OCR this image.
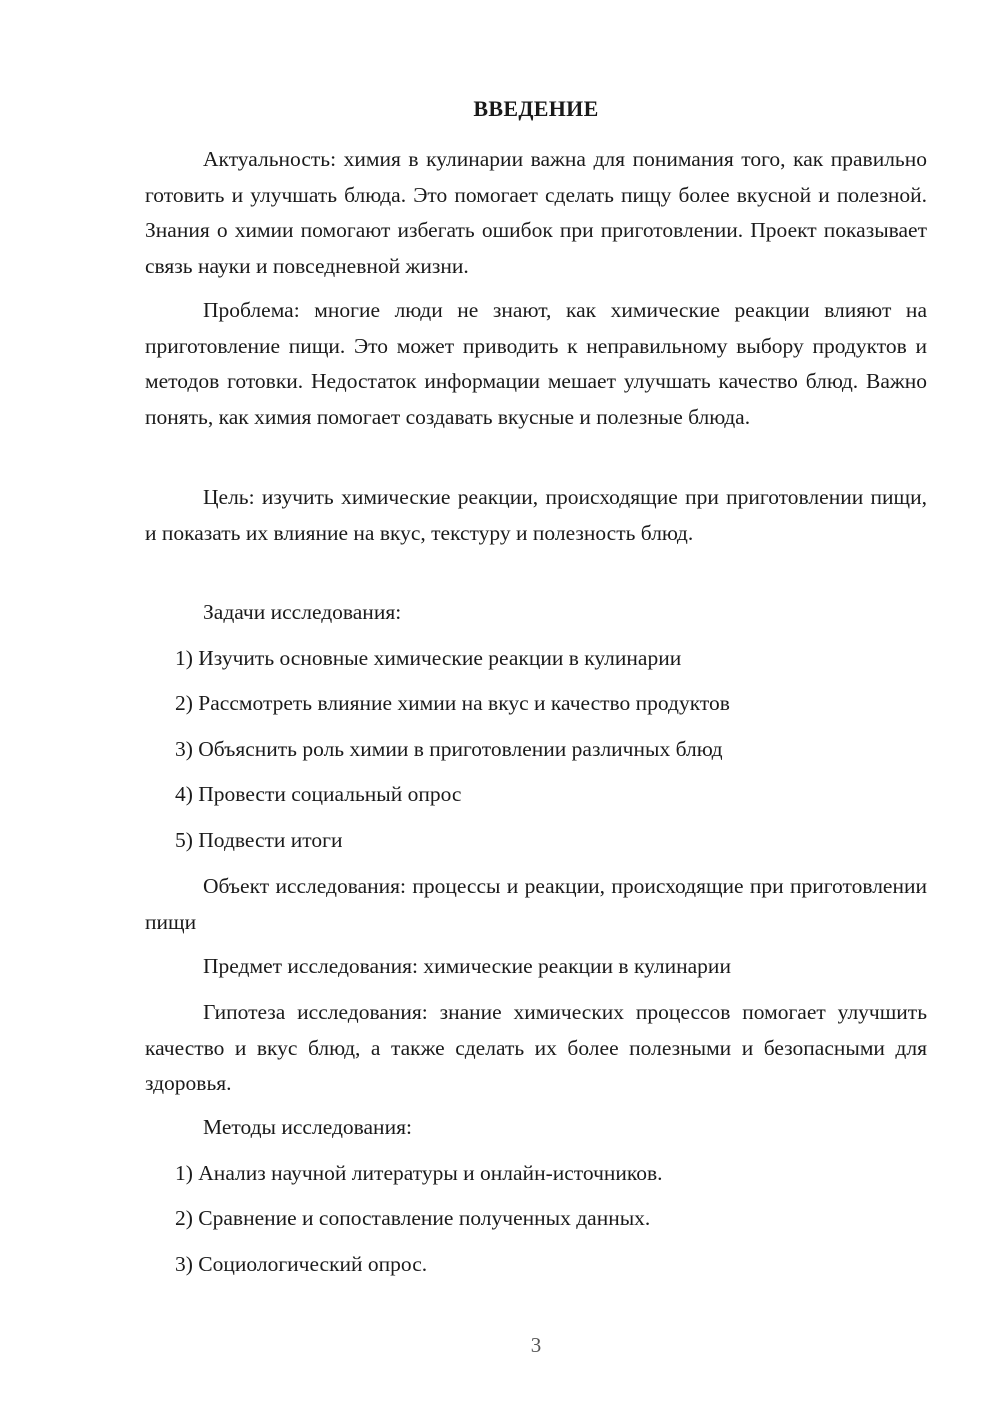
ВВЕДЕНИЕ

Актуальность: химия в кулинарии важна для понимания того, как правильно готовить и улучшать блюда. Это помогает сделать пищу более вкусной и полезной. Знания о химии помогают избегать ошибок при приготовлении. Проект показывает связь науки и повседневной жизни.

Проблема: многие люди не знают, как химические реакции влияют на приготовление пищи. Это может приводить к неправильному выбору продуктов и методов готовки. Недостаток информации мешает улучшать качество блюд. Важно понять, как химия помогает создавать вкусные и полезные блюда.

Цель: изучить химические реакции, происходящие при приготовлении пищи, и показать их влияние на вкус, текстуру и полезность блюд.

Задачи исследования:

1) Изучить основные химические реакции в кулинарии

2) Рассмотреть влияние химии на вкус и качество продуктов

3) Объяснить роль химии в приготовлении различных блюд

4) Провести социальный опрос

5) Подвести итоги

Объект исследования: процессы и реакции, происходящие при приготовлении пищи

Предмет исследования: химические реакции в кулинарии

Гипотеза исследования: знание химических процессов помогает улучшить качество и вкус блюд, а также сделать их более полезными и безопасными для здоровья.

Методы исследования:

1) Анализ научной литературы и онлайн-источников.

2) Сравнение и сопоставление полученных данных.

3) Социологический опрос.

3
